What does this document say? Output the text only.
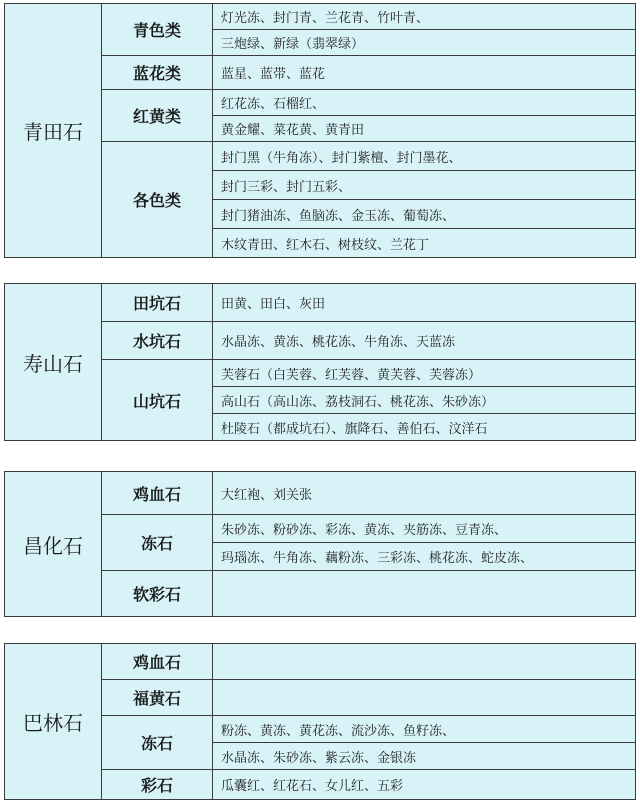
青田石	青色类	灯光冻、封门青、兰花青、竹叶青、
		三炮绿、新绿（翡翠绿）
	蓝花类	蓝星、蓝带、蓝花
	红黄类	红花冻、石榴红、
		黄金耀、菜花黄、黄青田
	各色类	封门黑（牛角冻）、封门紫檀、封门墨花、
		封门三彩、封门五彩、
		封门猪油冻、鱼脑冻、金玉冻、葡萄冻、
		木纹青田、红木石、树枝纹、兰花丁
寿山石	田坑石	田黄、田白、灰田
	水坑石	水晶冻、黄冻、桃花冻、牛角冻、天蓝冻
	山坑石	芙蓉石（白芙蓉、红芙蓉、黄芙蓉、芙蓉冻）
		高山石（高山冻、荔枝洞石、桃花冻、朱砂冻）
		杜陵石（都成坑石）、旗降石、善伯石、汶洋石
昌化石	鸡血石	大红袍、刘关张
	冻石	朱砂冻、粉砂冻、彩冻、黄冻、夹筋冻、豆青冻、
		玛瑙冻、牛角冻、藕粉冻、三彩冻、桃花冻、蛇皮冻、
	软彩石	
巴林石	鸡血石	
	福黄石	
	冻石	粉冻、黄冻、黄花冻、流沙冻、鱼籽冻、
		水晶冻、朱砂冻、紫云冻、金银冻
	彩石	瓜囊红、红花石、女儿红、五彩
